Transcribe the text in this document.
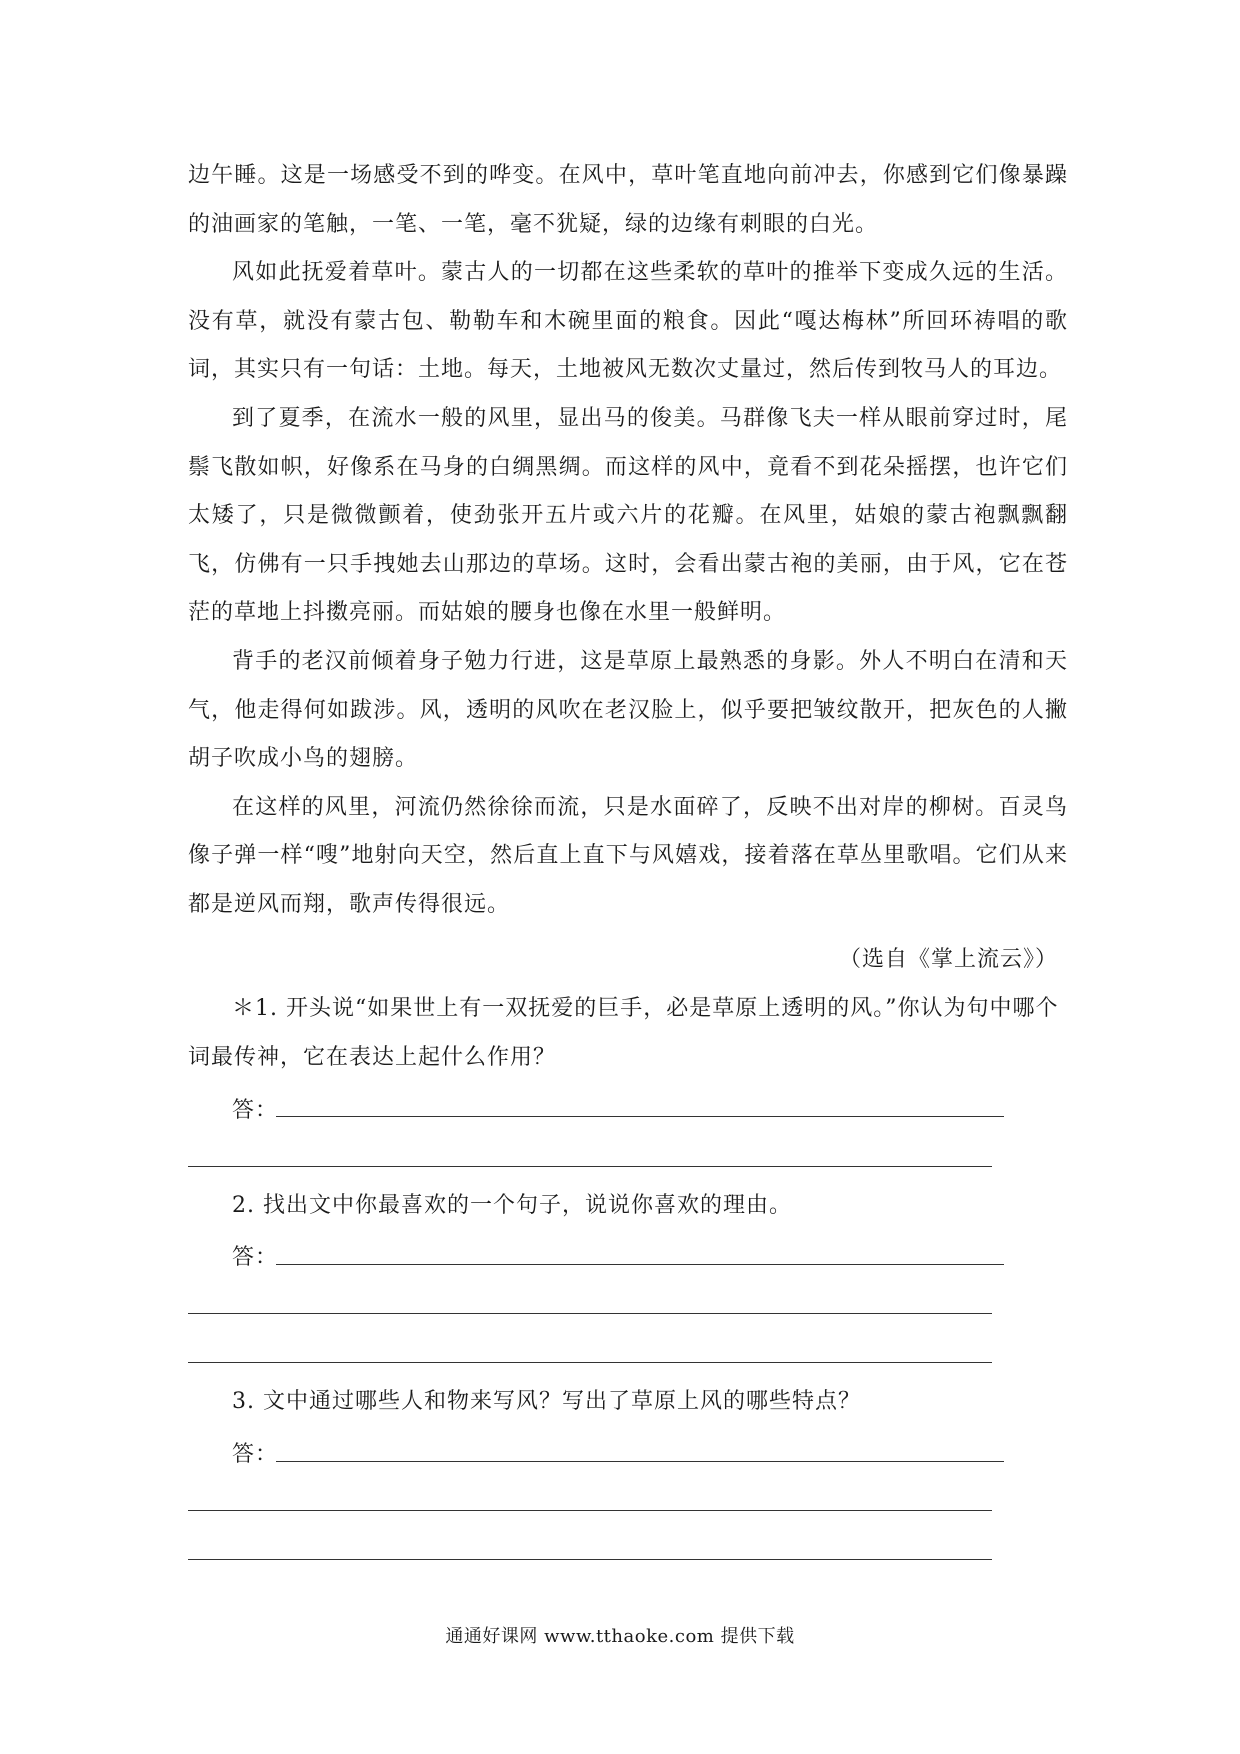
边午睡。这是一场感受不到的哗变。在风中，草叶笔直地向前冲去，你感到它们像暴躁的油画家的笔触，一笔、一笔，毫不犹疑，绿的边缘有刺眼的白光。

风如此抚爱着草叶。蒙古人的一切都在这些柔软的草叶的推举下变成久远的生活。没有草，就没有蒙古包、勒勒车和木碗里面的粮食。因此“嘎达梅林”所回环祷唱的歌词，其实只有一句话：土地。每天，土地被风无数次丈量过，然后传到牧马人的耳边。

到了夏季，在流水一般的风里，显出马的俊美。马群像飞夫一样从眼前穿过时，尾鬃飞散如帜，好像系在马身的白绸黑绸。而这样的风中，竟看不到花朵摇摆，也许它们太矮了，只是微微颤着，使劲张开五片或六片的花瓣。在风里，姑娘的蒙古袍飘飘翻飞，仿佛有一只手拽她去山那边的草场。这时，会看出蒙古袍的美丽，由于风，它在苍茫的草地上抖擞亮丽。而姑娘的腰身也像在水里一般鲜明。

背手的老汉前倾着身子勉力行进，这是草原上最熟悉的身影。外人不明白在清和天气，他走得何如跋涉。风，透明的风吹在老汉脸上，似乎要把皱纹散开，把灰色的人撇胡子吹成小鸟的翅膀。

在这样的风里，河流仍然徐徐而流，只是水面碎了，反映不出对岸的柳树。百灵鸟像子弹一样“嗖”地射向天空，然后直上直下与风嬉戏，接着落在草丛里歌唱。它们从来都是逆风而翔，歌声传得很远。

（选自《掌上流云》）

＊1. 开头说“如果世上有一双抚爱的巨手，必是草原上透明的风。”你认为句中哪个词最传神，它在表达上起什么作用？

答：

2. 找出文中你最喜欢的一个句子，说说你喜欢的理由。

答：

3. 文中通过哪些人和物来写风？写出了草原上风的哪些特点？

答：
通通好课网 www.tthaoke.com 提供下载
